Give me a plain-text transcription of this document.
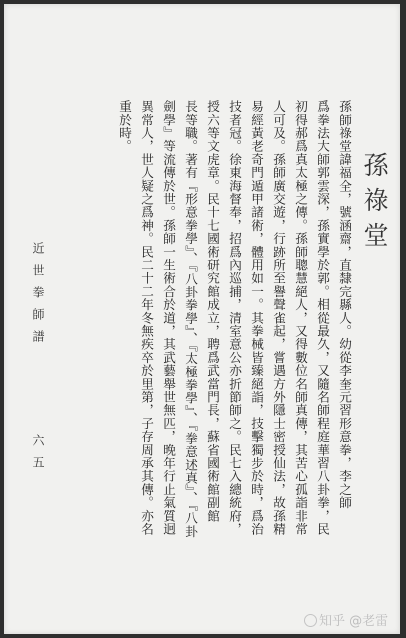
孫祿堂
孫師祿堂諱福全，號涵齋，直隸完縣人。幼從李奎元習形意拳，李之師
爲拳法大師郭雲深，孫實學於郭。相從最久，又隨名師程庭華習八卦拳，民
初得郝爲真太極之傳。孫師聰慧絕人，又得數位名師真傳，其苦心孤詣非常
人可及。孫師廣交遊，行跡所至譽聲雀起，嘗遇方外隱士密授仙法，故孫精
易經黃老奇門遁甲諸術，體用如一。其拳械皆臻絕詣，技擊獨步於時，爲治
技者冠。徐東海督奉，招爲內巡捕，清室意公亦折節師之。民七入總統府，
授六等文虎章。民十七國術研究館成立，聘爲武當門長，蘇省國術館副館
長等職。著有『形意拳學』、『八卦拳學』、『太極拳學』、『拳意述真』、『八卦
劍學』等流傳於世。孫師一生術合於道，其武藝舉世無匹，晚年行止氣質迥
異常人，世人疑之爲神。民二十二年冬無疾卒於里第，子存周承其傳。亦名
重於時。
近世拳師譜
六五
知乎 @老雷
